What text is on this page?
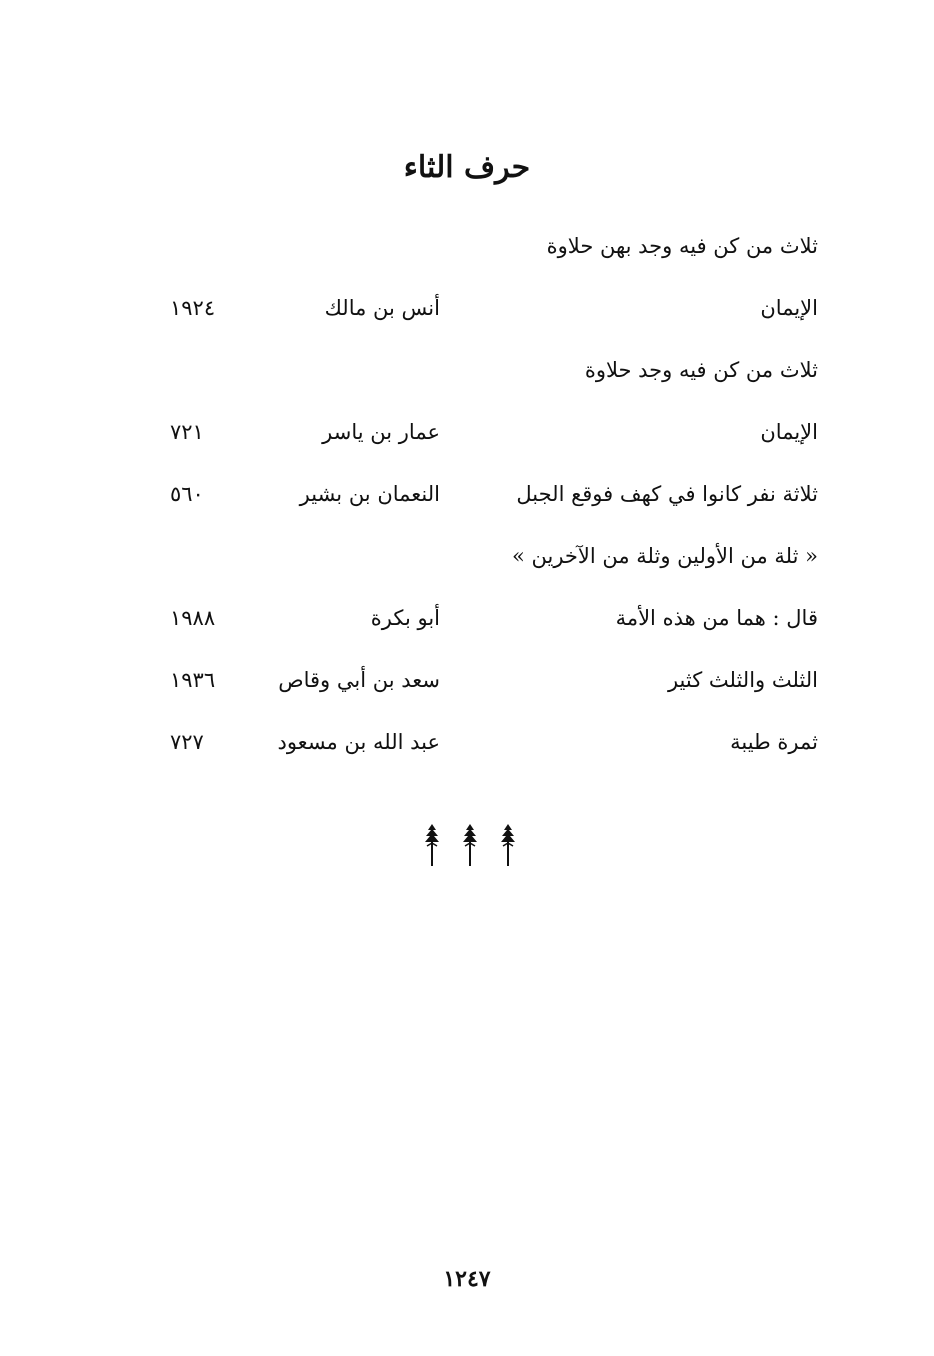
حرف الثاء
ثلاث من كن فيه وجد بهن حلاوة
الإيمان
أنس بن مالك
١٩٢٤
ثلاث من كن فيه وجد حلاوة
الإيمان
عمار بن ياسر
٧٢١
ثلاثة نفر كانوا في كهف فوقع الجبل
النعمان بن بشير
٥٦٠
« ثلة من الأولين وثلة من الآخرين »
قال : هما من هذه الأمة
أبو بكرة
١٩٨٨
الثلث والثلث كثير
سعد بن أبي وقاص
١٩٣٦
ثمرة طيبة
عبد الله بن مسعود
٧٢٧
١٢٤٧
